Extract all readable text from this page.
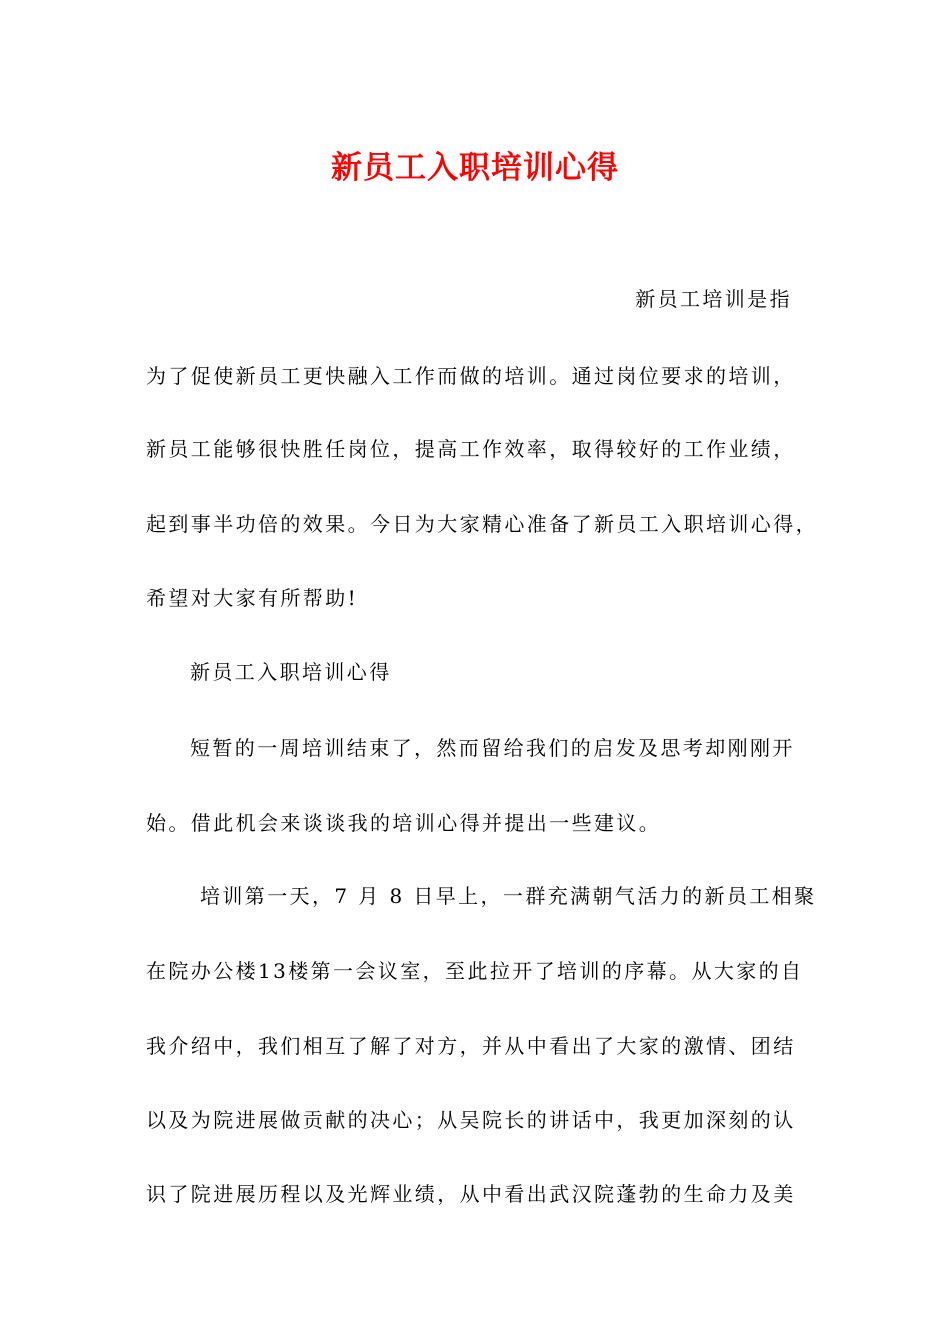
新员工入职培训心得

新员工培训是指

为了促使新员工更快融入工作而做的培训。通过岗位要求的培训，

新员工能够很快胜任岗位，提高工作效率，取得较好的工作业绩，

起到事半功倍的效果。今日为大家精心准备了新员工入职培训心得，

希望对大家有所帮助!

新员工入职培训心得

短暂的一周培训结束了，然而留给我们的启发及思考却刚刚开

始。借此机会来谈谈我的培训心得并提出一些建议。

培训第一天，7 月 8 日早上，一群充满朝气活力的新员工相聚

在院办公楼13楼第一会议室，至此拉开了培训的序幕。从大家的自

我介绍中，我们相互了解了对方，并从中看出了大家的激情、团结

以及为院进展做贡献的决心；从吴院长的讲话中，我更加深刻的认

识了院进展历程以及光辉业绩，从中看出武汉院蓬勃的生命力及美
